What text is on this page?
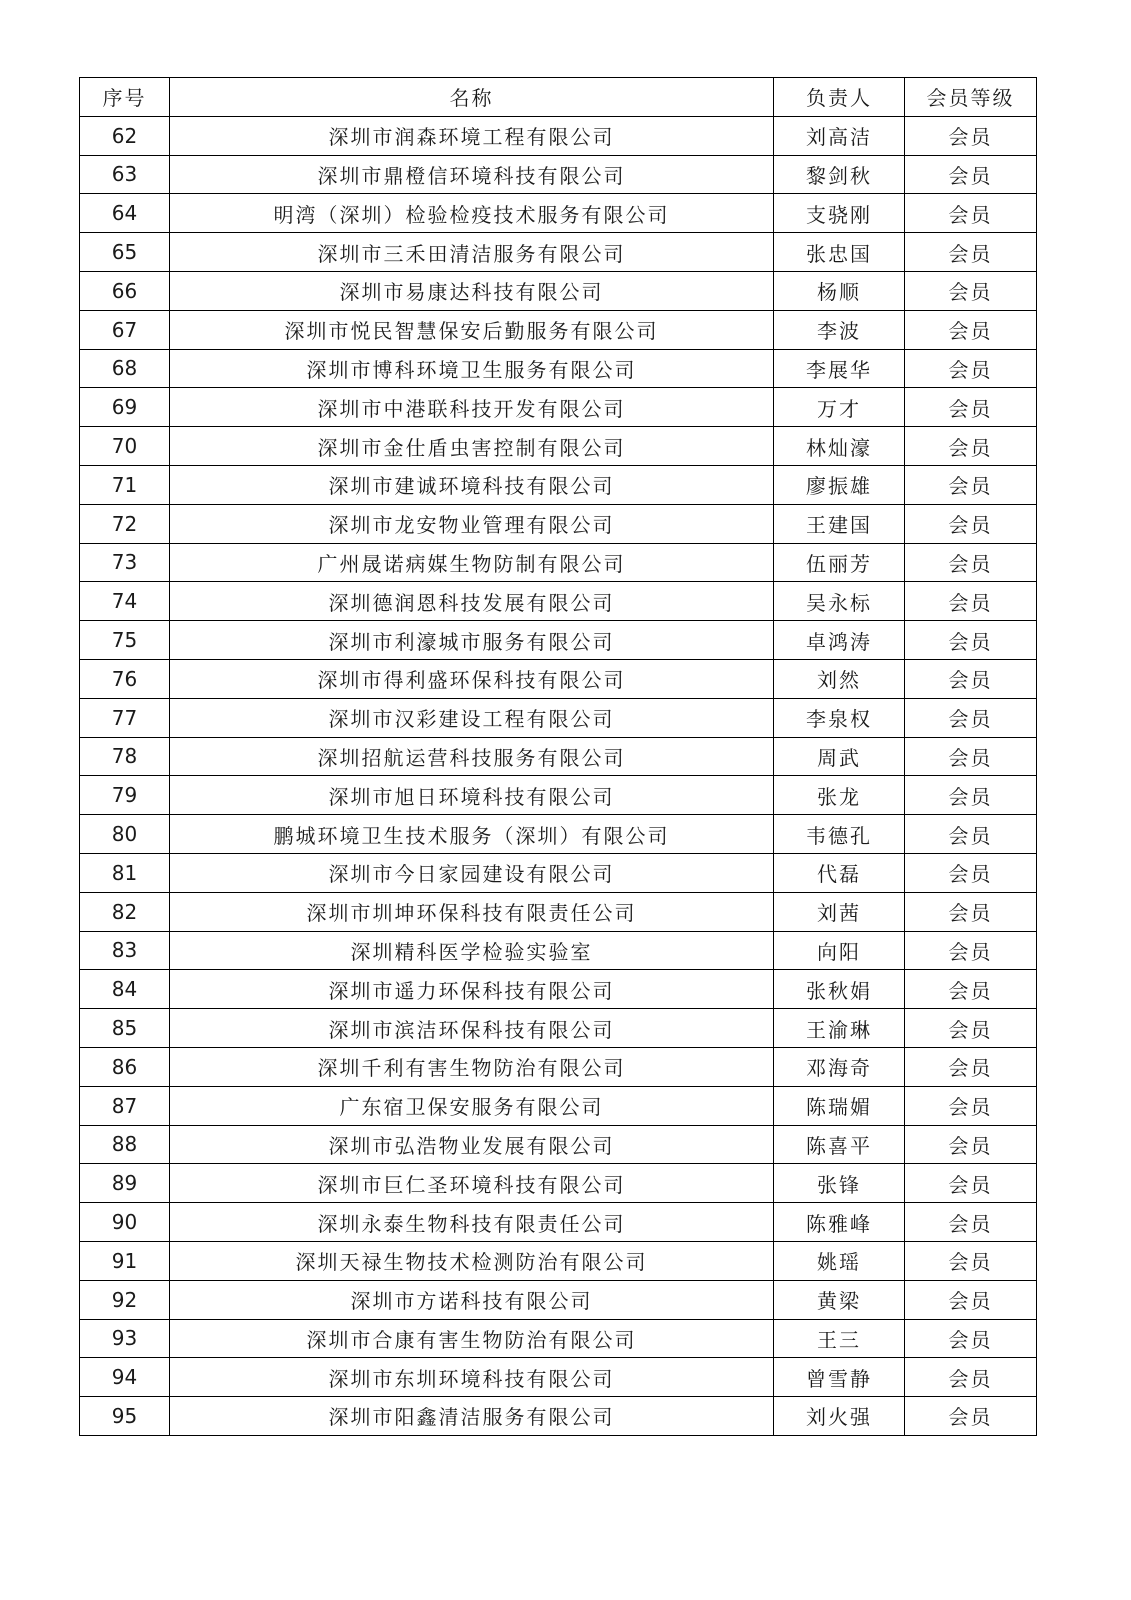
序号	名称	负责人	会员等级
62	深圳市润森环境工程有限公司	刘高洁	会员
63	深圳市鼎橙信环境科技有限公司	黎剑秋	会员
64	明湾（深圳）检验检疫技术服务有限公司	支骁刚	会员
65	深圳市三禾田清洁服务有限公司	张忠国	会员
66	深圳市易康达科技有限公司	杨顺	会员
67	深圳市悦民智慧保安后勤服务有限公司	李波	会员
68	深圳市博科环境卫生服务有限公司	李展华	会员
69	深圳市中港联科技开发有限公司	万才	会员
70	深圳市金仕盾虫害控制有限公司	林灿濠	会员
71	深圳市建诚环境科技有限公司	廖振雄	会员
72	深圳市龙安物业管理有限公司	王建国	会员
73	广州晟诺病媒生物防制有限公司	伍丽芳	会员
74	深圳德润恩科技发展有限公司	吴永标	会员
75	深圳市利濠城市服务有限公司	卓鸿涛	会员
76	深圳市得利盛环保科技有限公司	刘然	会员
77	深圳市汉彩建设工程有限公司	李泉权	会员
78	深圳招航运营科技服务有限公司	周武	会员
79	深圳市旭日环境科技有限公司	张龙	会员
80	鹏城环境卫生技术服务（深圳）有限公司	韦德孔	会员
81	深圳市今日家园建设有限公司	代磊	会员
82	深圳市圳坤环保科技有限责任公司	刘茜	会员
83	深圳精科医学检验实验室	向阳	会员
84	深圳市遥力环保科技有限公司	张秋娟	会员
85	深圳市滨洁环保科技有限公司	王渝琳	会员
86	深圳千利有害生物防治有限公司	邓海奇	会员
87	广东宿卫保安服务有限公司	陈瑞媚	会员
88	深圳市弘浩物业发展有限公司	陈喜平	会员
89	深圳市巨仁圣环境科技有限公司	张锋	会员
90	深圳永泰生物科技有限责任公司	陈雅峰	会员
91	深圳天禄生物技术检测防治有限公司	姚瑶	会员
92	深圳市方诺科技有限公司	黄梁	会员
93	深圳市合康有害生物防治有限公司	王三	会员
94	深圳市东圳环境科技有限公司	曾雪静	会员
95	深圳市阳鑫清洁服务有限公司	刘火强	会员
